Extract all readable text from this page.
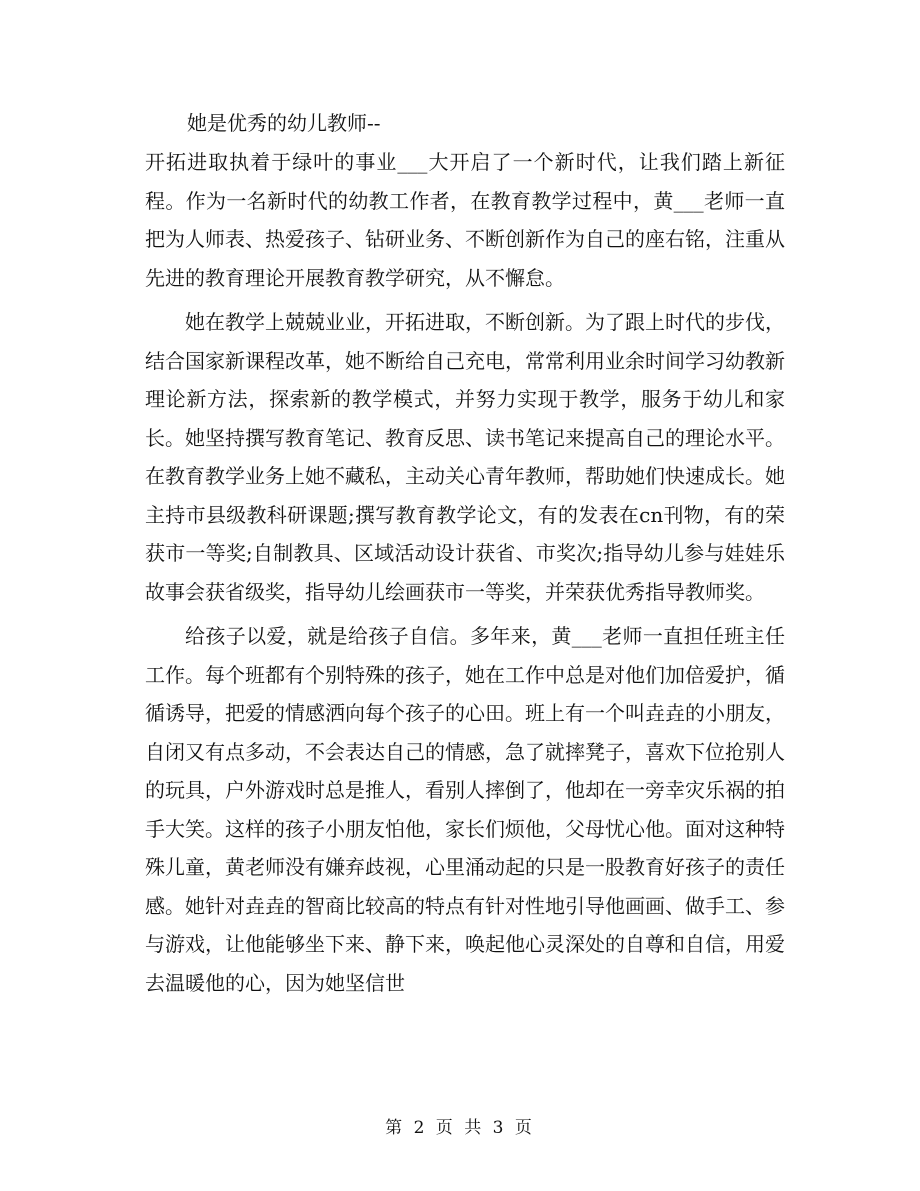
她是优秀的幼儿教师--

开拓进取执着于绿叶的事业___大开启了一个新时代，让我们踏上新征程。作为一名新时代的幼教工作者，在教育教学过程中，黄___老师一直把为人师表、热爱孩子、钻研业务、不断创新作为自己的座右铭，注重从先进的教育理论开展教育教学研究，从不懈怠。

她在教学上兢兢业业，开拓进取，不断创新。为了跟上时代的步伐，结合国家新课程改革，她不断给自己充电，常常利用业余时间学习幼教新理论新方法，探索新的教学模式，并努力实现于教学，服务于幼儿和家长。她坚持撰写教育笔记、教育反思、读书笔记来提高自己的理论水平。在教育教学业务上她不藏私，主动关心青年教师，帮助她们快速成长。她主持市县级教科研课题;撰写教育教学论文，有的发表在cn刊物，有的荣获市一等奖;自制教具、区域活动设计获省、市奖次;指导幼儿参与娃娃乐故事会获省级奖，指导幼儿绘画获市一等奖，并荣获优秀指导教师奖。

给孩子以爱，就是给孩子自信。多年来，黄___老师一直担任班主任工作。每个班都有个别特殊的孩子，她在工作中总是对他们加倍爱护，循循诱导，把爱的情感洒向每个孩子的心田。班上有一个叫垚垚的小朋友，自闭又有点多动，不会表达自己的情感，急了就摔凳子，喜欢下位抢别人的玩具，户外游戏时总是推人，看别人摔倒了，他却在一旁幸灾乐祸的拍手大笑。这样的孩子小朋友怕他，家长们烦他，父母忧心他。面对这种特殊儿童，黄老师没有嫌弃歧视，心里涌动起的只是一股教育好孩子的责任感。她针对垚垚的智商比较高的特点有针对性地引导他画画、做手工、参与游戏，让他能够坐下来、静下来，唤起他心灵深处的自尊和自信，用爱去温暖他的心，因为她坚信世

第 2 页 共 3 页
